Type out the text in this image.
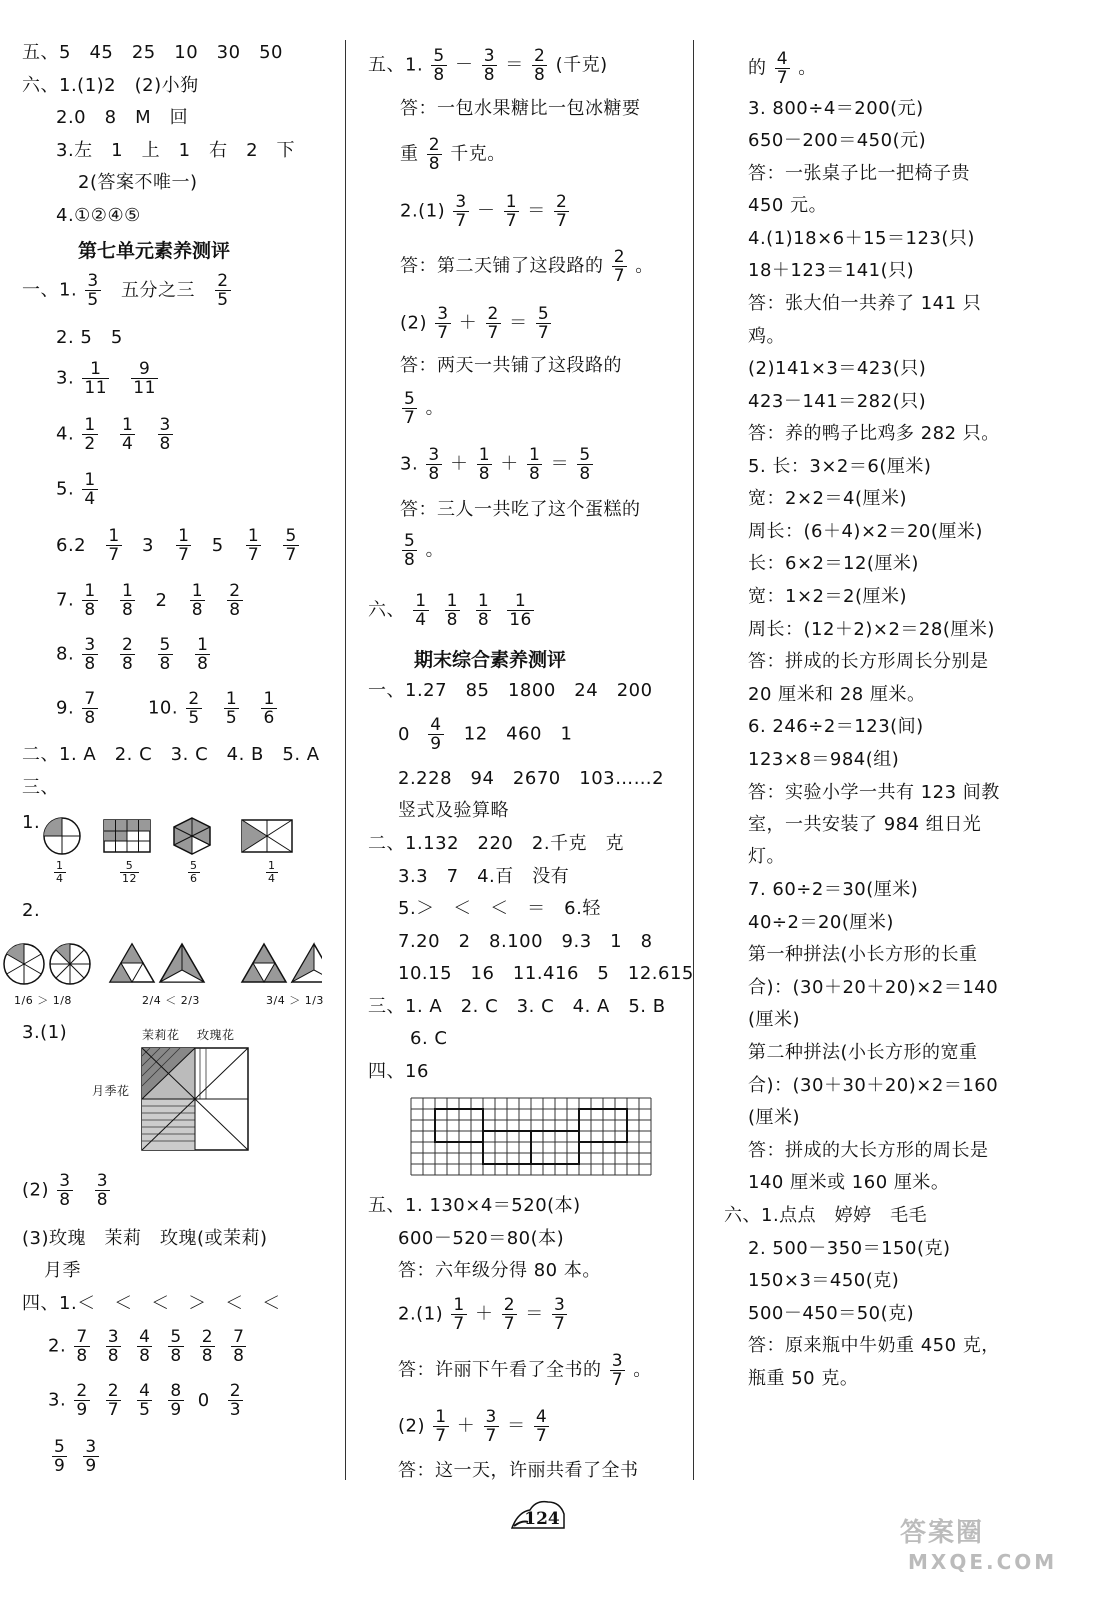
五、5　45　25　10　30　50
六、1.(1)2　(2)小狗
2.0　8　M　回
3.左　1　上　1　右　2　下
2(答案不唯一)
4.①②④⑤
第七单元素养测评
一、1. $\frac{3}{5}$ 五分之三 $\frac{2}{5}$
2. 5　5
3. $\frac{1}{11}$
$\frac{9}{11}$
4. $\frac{1}{2}$
$\frac{1}{4}$
$\frac{3}{8}$
5. $\frac{1}{4}$
$6.2 \frac{1}{7} 3 \frac{1}{7} 5 \frac{1}{7}$
$\frac{5}{7}$
7. $\frac{1}{8}$
$\frac{1}{8} 2 \frac{1}{8}$
$\frac{2}{8}$
8. $\frac{3}{8}$
$\frac{2}{8}$
$\frac{5}{8}$
$\frac{1}{8}$
9. $\frac{7}{8}$	10. $\frac{2}{5}$
$\frac{1}{5}$
$\frac{1}{6}$
二、1. A　2. C　3. C　4. B　5. A
三、
1.
$\frac{1}{4}$	$\frac{5}{12}$	$\frac{5}{6}$	$\frac{1}{4}$
2.
1/6 ＞ 1/8	2/4 ＜ 2/3	3/4 ＞ 1/3
3.(1)	茉莉花 玫瑰花
月季花
$(2) \frac{3}{8}$
$\frac{3}{8}$
(3)玫瑰　茉莉　玫瑰(或茉莉)
月季
四、1.＜　＜　＜　＞　＜　＜
2. $\frac{7}{8} \frac{3}{8} \frac{4}{8} \frac{5}{8} \frac{2}{8} \frac{7}{8}$
3. $\frac{2}{9} \frac{2}{7} \frac{4}{5} \frac{8}{9} 0 \frac{2}{3}$
$\frac{5}{9} \frac{3}{9}$
五、1. $\frac{5}{8} - \frac{3}{8} = \frac{2}{8}$ (千克)
答：一包水果糖比一包冰糖要
重 $\frac{2}{8}$ 千克。
$2.(1) \frac{3}{7} - \frac{1}{7} = \frac{2}{7}$
答：第二天铺了这段路的 $\frac{2}{7}$ 。
$(2) \frac{3}{7} + \frac{2}{7} = \frac{5}{7}$
答：两天一共铺了这段路的
$\frac{5}{7}$ 。
3. $\frac{3}{8} + \frac{1}{8} + \frac{1}{8} = \frac{5}{8}$
答：三人一共吃了这个蛋糕的
$\frac{5}{8}$ 。
六、 $\frac{1}{4} \frac{1}{8} \frac{1}{8} \frac{1}{16}$
期末综合素养测评
一、1.27　85　1800　24　200
$0 \frac{4}{9} 12$　460　1
2.228　94　2670　103……2
竖式及验算略
二、1.132　220　2.千克　克
3.3　7　4.百　没有
5.＞　＜　＜　＝　6.轻
7.20　2　8.100　9.3　1　8
10.15　16　11.416　5　12.615
三、1. A　2. C　3. C　4. A　5. B
6. C
四、16
五、1. 130×4＝520(本)
600－520＝80(本)
答：六年级分得 80 本。
$2.(1) \frac{1}{7} + \frac{2}{7} = \frac{3}{7}$
答：许丽下午看了全书的 $\frac{3}{7}$ 。
$(2) \frac{1}{7} + \frac{3}{7} = \frac{4}{7}$
答：这一天，许丽共看了全书
的 $\frac{4}{7}$ 。
3. 800÷4＝200(元)
650－200＝450(元)
答：一张桌子比一把椅子贵
450 元。
4.(1)18×6＋15＝123(只)
18＋123＝141(只)
答：张大伯一共养了 141 只
鸡。
(2)141×3＝423(只)
423－141＝282(只)
答：养的鸭子比鸡多 282 只。
5. 长：3×2＝6(厘米)
宽：2×2＝4(厘米)
周长：(6＋4)×2＝20(厘米)
长：6×2＝12(厘米)
宽：1×2＝2(厘米)
周长：(12＋2)×2＝28(厘米)
答：拼成的长方形周长分别是
20 厘米和 28 厘米。
6. 246÷2＝123(间)
123×8＝984(组)
答：实验小学一共有 123 间教
室，一共安装了 984 组日光
灯。
7. 60÷2＝30(厘米)
40÷2＝20(厘米)
第一种拼法(小长方形的长重
合)：(30＋20＋20)×2＝140
(厘米)
第二种拼法(小长方形的宽重
合)：(30＋30＋20)×2＝160
(厘米)
答：拼成的大长方形的周长是
140 厘米或 160 厘米。
六、1.点点　婷婷　毛毛
2. 500－350＝150(克)
150×3＝450(克)
500－450＝50(克)
答：原来瓶中牛奶重 450 克，
瓶重 50 克。
124	答案圈
MXQE.COM
